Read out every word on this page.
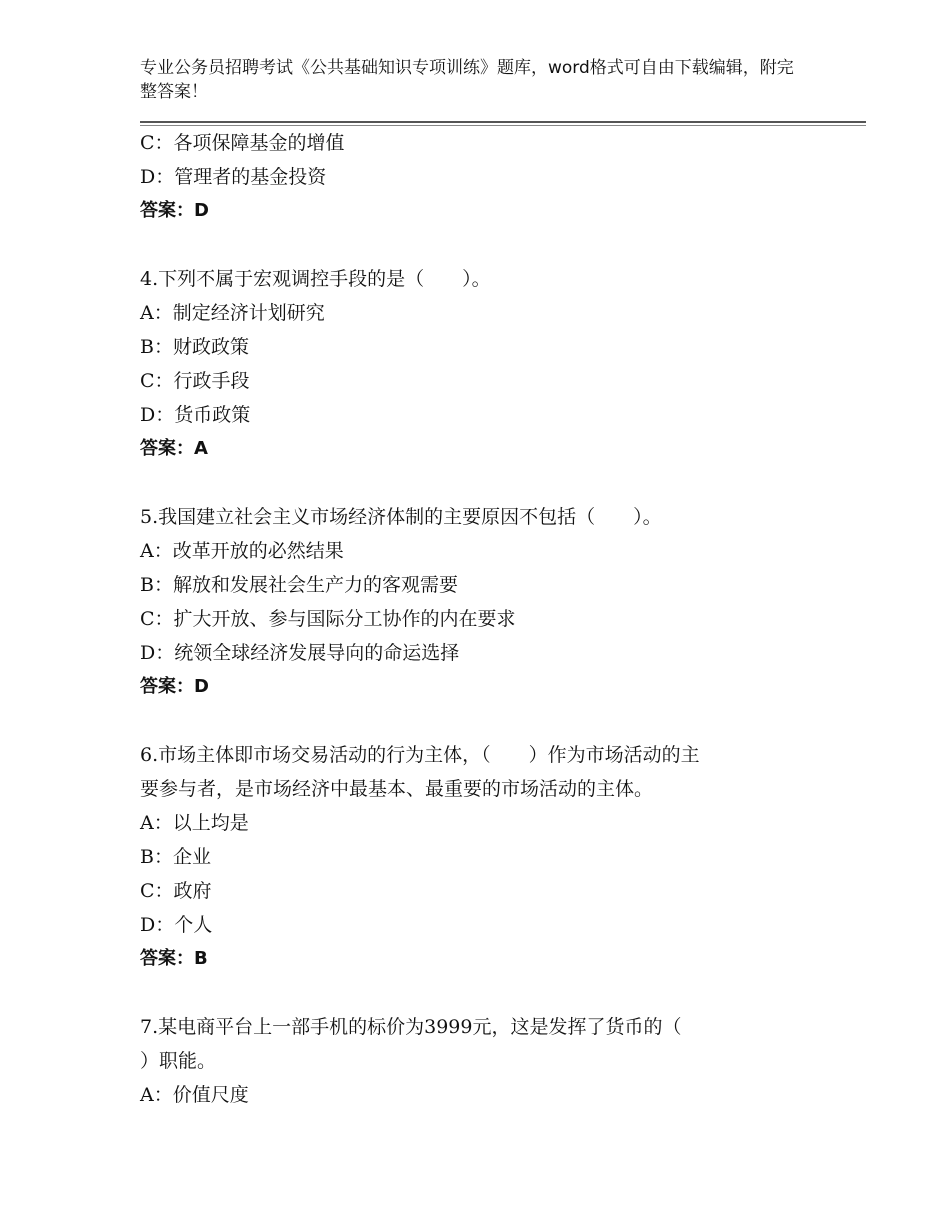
专业公务员招聘考试《公共基础知识专项训练》题库，word格式可自由下载编辑，附完整答案！
C：各项保障基金的增值
D：管理者的基金投资
答案：D
4.下列不属于宏观调控手段的是（　　）。
A：制定经济计划研究
B：财政政策
C：行政手段
D：货币政策
答案：A
5.我国建立社会主义市场经济体制的主要原因不包括（　　）。
A：改革开放的必然结果
B：解放和发展社会生产力的客观需要
C：扩大开放、参与国际分工协作的内在要求
D：统领全球经济发展导向的命运选择
答案：D
6.市场主体即市场交易活动的行为主体，（　　）作为市场活动的主
要参与者，是市场经济中最基本、最重要的市场活动的主体。
A：以上均是
B：企业
C：政府
D：个人
答案：B
7.某电商平台上一部手机的标价为3999元，这是发挥了货币的（
）职能。
A：价值尺度
